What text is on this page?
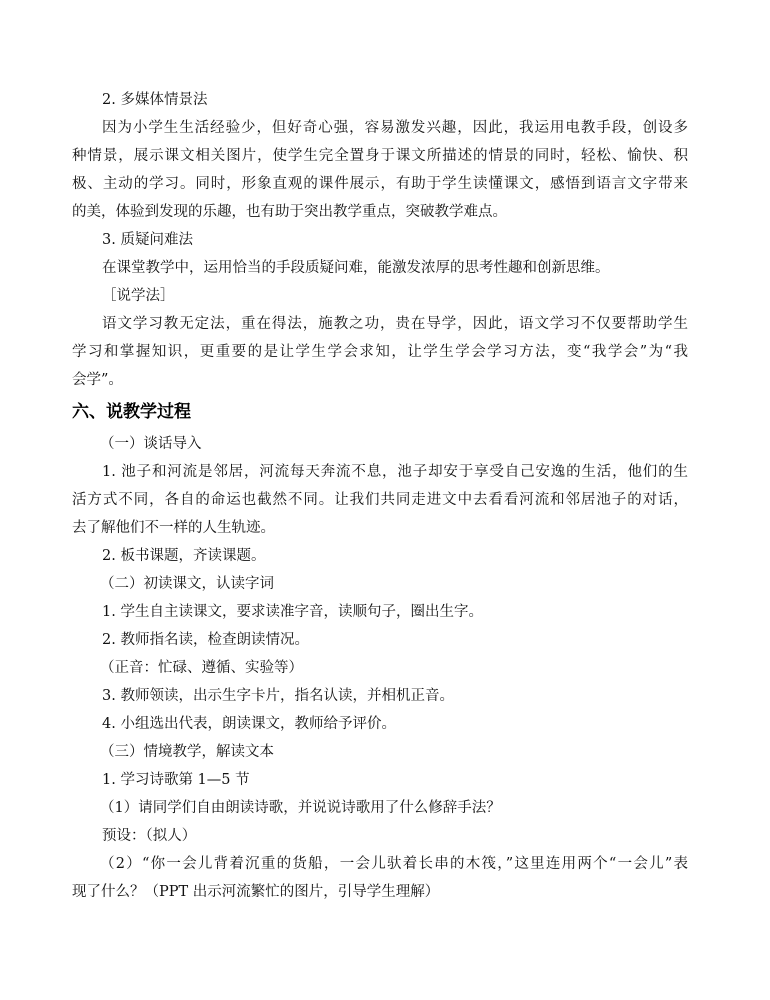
2. 多媒体情景法
因为小学生生活经验少，但好奇心强，容易激发兴趣，因此，我运用电教手段，创设多
种情景，展示课文相关图片，使学生完全置身于课文所描述的情景的同时，轻松、愉快、积
极、主动的学习。同时，形象直观的课件展示，有助于学生读懂课文，感悟到语言文字带来
的美，体验到发现的乐趣，也有助于突出教学重点，突破教学难点。
3. 质疑问难法
在课堂教学中，运用恰当的手段质疑问难，能激发浓厚的思考性趣和创新思维。
［说学法］
语文学习教无定法，重在得法，施教之功，贵在导学，因此，语文学习不仅要帮助学生
学习和掌握知识，更重要的是让学生学会求知，让学生学会学习方法，变“我学会”为“我
会学”。
六、说教学过程
（一）谈话导入
1. 池子和河流是邻居，河流每天奔流不息，池子却安于享受自己安逸的生活，他们的生
活方式不同，各自的命运也截然不同。让我们共同走进文中去看看河流和邻居池子的对话，
去了解他们不一样的人生轨迹。
2. 板书课题，齐读课题。
（二）初读课文，认读字词
1. 学生自主读课文，要求读准字音，读顺句子，圈出生字。
2. 教师指名读，检查朗读情况。
（正音：忙碌、遵循、实验等）
3. 教师领读，出示生字卡片，指名认读，并相机正音。
4. 小组选出代表，朗读课文，教师给予评价。
（三）情境教学，解读文本
1. 学习诗歌第 1—5 节
（1）请同学们自由朗读诗歌，并说说诗歌用了什么修辞手法？
预设：（拟人）
（2）“你一会儿背着沉重的货船，一会儿驮着长串的木筏，”这里连用两个“一会儿”表
现了什么？（PPT 出示河流繁忙的图片，引导学生理解）
